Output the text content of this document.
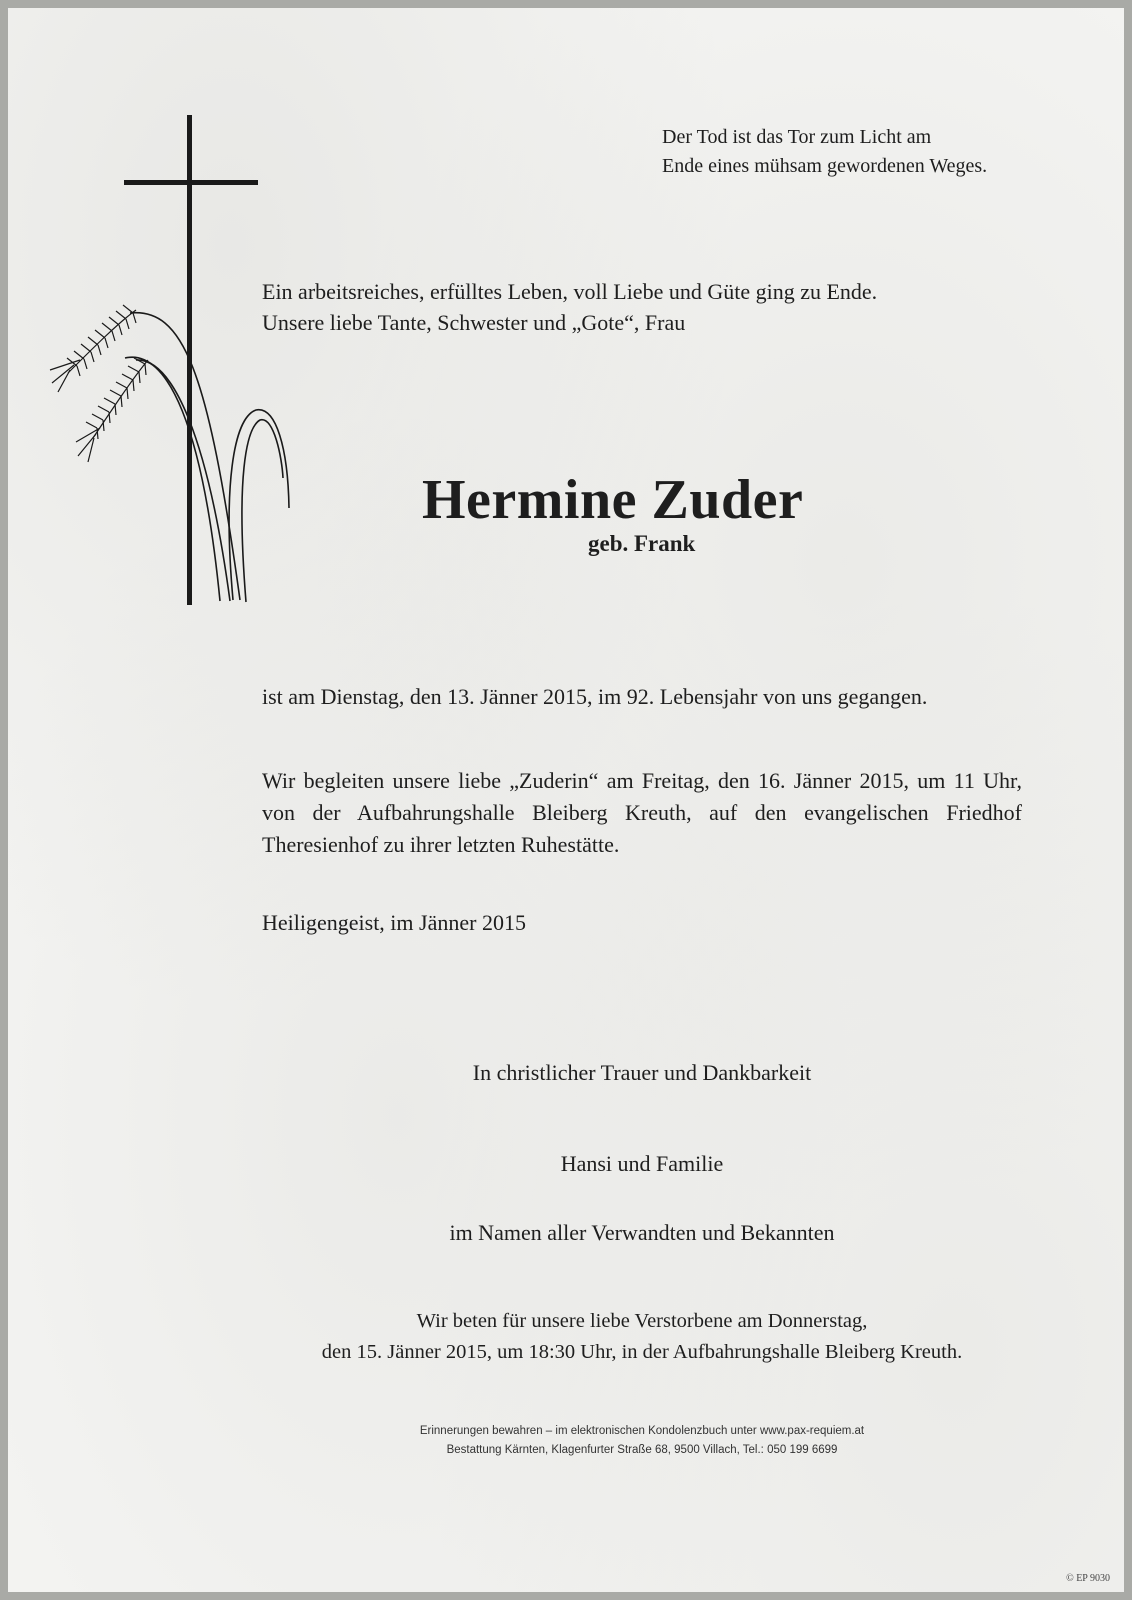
Der Tod ist das Tor zum Licht am
Ende eines mühsam gewordenen Weges.
Ein arbeitsreiches, erfülltes Leben, voll Liebe und Güte ging zu Ende.
Unsere liebe Tante, Schwester und „Gote“, Frau
Hermine Zuder
geb. Frank
ist am Dienstag, den 13. Jänner 2015, im 92. Lebensjahr von uns gegangen.
Wir begleiten unsere liebe „Zuderin“ am Freitag, den 16. Jänner 2015, um 11 Uhr, von der Aufbahrungshalle Bleiberg Kreuth, auf den evangelischen Friedhof Theresienhof zu ihrer letzten Ruhestätte.
Heiligengeist, im Jänner 2015
In christlicher Trauer und Dankbarkeit
Hansi und Familie
im Namen aller Verwandten und Bekannten
Wir beten für unsere liebe Verstorbene am Donnerstag,
den 15. Jänner 2015, um 18:30 Uhr, in der Aufbahrungshalle Bleiberg Kreuth.
Erinnerungen bewahren – im elektronischen Kondolenzbuch unter www.pax-requiem.at
Bestattung Kärnten, Klagenfurter Straße 68, 9500 Villach, Tel.: 050 199 6699
© EP 9030
